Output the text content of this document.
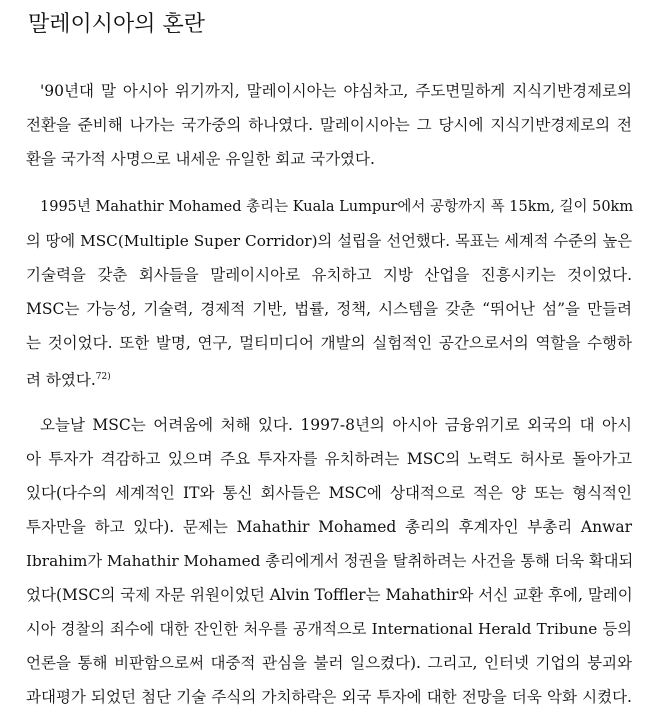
말레이시아의 혼란
'90년대 말 아시아 위기까지, 말레이시아는 야심차고, 주도면밀하게 지식기반경제로의
전환을 준비해 나가는 국가중의 하나였다. 말레이시아는 그 당시에 지식기반경제로의 전
환을 국가적 사명으로 내세운 유일한 회교 국가였다.
1995년 Mahathir Mohamed 총리는 Kuala Lumpur에서 공항까지 폭 15km, 길이 50km
의 땅에 MSC(Multiple Super Corridor)의 설립을 선언했다. 목표는 세계적 수준의 높은
기술력을 갖춘 회사들을 말레이시아로 유치하고 지방 산업을 진흥시키는 것이었다.
MSC는 가능성, 기술력, 경제적 기반, 법률, 정책, 시스템을 갖춘 “뛰어난 섬”을 만들려
는 것이었다. 또한 발명, 연구, 멀티미디어 개발의 실험적인 공간으로서의 역할을 수행하
려 하였다.$^{72)}$
오늘날 MSC는 어려움에 처해 있다. 1997-8년의 아시아 금융위기로 외국의 대 아시
아 투자가 격감하고 있으며 주요 투자자를 유치하려는 MSC의 노력도 허사로 돌아가고
있다(다수의 세계적인 IT와 통신 회사들은 MSC에 상대적으로 적은 양 또는 형식적인
투자만을 하고 있다). 문제는 Mahathir Mohamed 총리의 후계자인 부총리 Anwar
Ibrahim가 Mahathir Mohamed 총리에게서 정권을 탈취하려는 사건을 통해 더욱 확대되
었다(MSC의 국제 자문 위원이었던 Alvin Toffler는 Mahathir와 서신 교환 후에, 말레이
시아 경찰의 죄수에 대한 잔인한 처우를 공개적으로 International Herald Tribune 등의
언론을 통해 비판함으로써 대중적 관심을 불러 일으켰다). 그리고, 인터넷 기업의 붕괴와
과대평가 되었던 첨단 기술 주식의 가치하락은 외국 투자에 대한 전망을 더욱 악화 시켰다.
